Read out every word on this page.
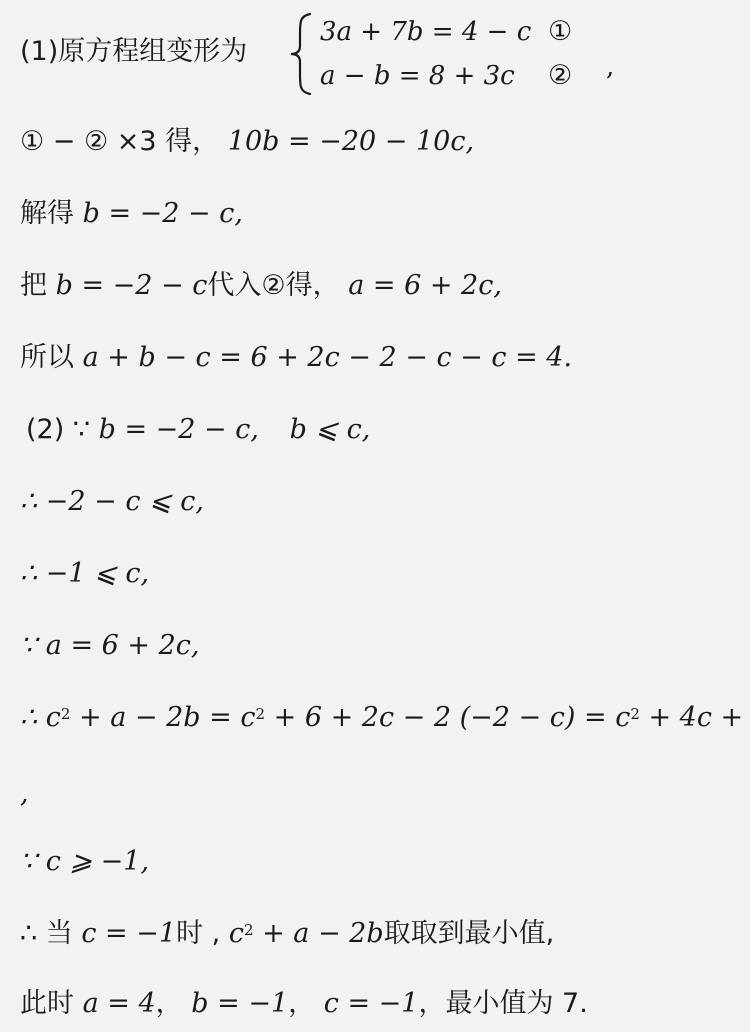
(1)原方程组变形为
3a + 7b = 4 − c ①
a − b = 8 + 3c ② ,
① − ② ×3 得， 10b = −20 − 10c,
解得 b = −2 − c,
把 b = −2 − c代入②得， a = 6 + 2c,
所以 a + b − c = 6 + 2c − 2 − c − c = 4.
(2) ∵ b = −2 − c, b ⩽ c,
∴ −2 − c ⩽ c,
∴ −1 ⩽ c,
∵ a = 6 + 2c,
∴ $c^2 + a - 2b = c^2 + 6 + 2c - 2$ $(-2 - c) = c^2 + 4c$ +
,
∵ c ⩾ −1,
∴ 当 c = −1时 , $c^2 + a - 2b$取取到最小值,
此时 a = 4， b = −1， c = −1，最小值为 7.
